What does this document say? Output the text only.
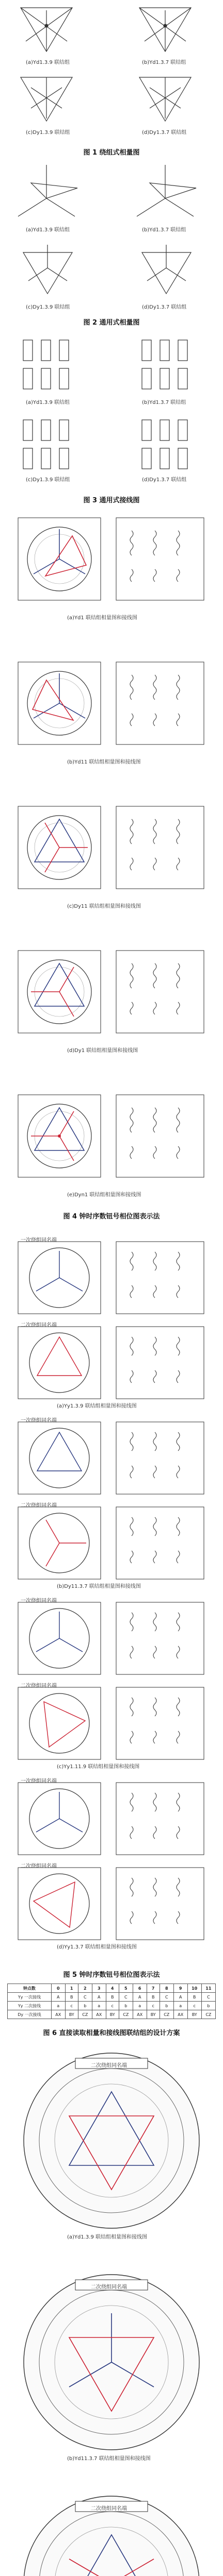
(a)Yd1.3.9 联结组	(b)Yd1.3.7 联结组
(c)Dy1.3.9 联结组	(d)Dy1.3.7 联结组
图 1 绕组式相量图
(a)Yd1.3.9 联结组	(b)Yd1.3.7 联结组
(c)Dy1.3.9 联结组	(d)Dy1.3.7 联结组
图 2 通用式相量图
(a)Yd1.3.9 联结组	(b)Yd1.3.7 联结组
(c)Dy1.3.9 联结组	(d)Dy1.3.7 联结组
图 3 通用式接线图
(a)Yd1 联结组相量图和接线图
(b)Yd11 联结组相量图和接线图
(c)Dy11 联结组相量图和接线图
(d)Dy1 联结组相量图和接线图
(e)Dyn1 联结组相量图和接线图
图 4 钟时序数钮号相位图表示法
一次绕组同名端
二次绕组同名端
(a)Yy1.3.9 联结组相量图和接线图
一次绕组同名端
二次绕组同名端
(b)Dy11.3.7 联结组相量图和接线图
一次绕组同名端
二次绕组同名端
(c)Yy1.11.9 联结组相量图和接线图
一次绕组同名端
二次绕组同名端
(d)Yy1.3.7 联结组相量图和接线图
图 5 钟时序数钮号相位图表示法
钟点数	0	1	2	3	4	5	6	7	8	9	10	11
Yy 一次接线	A	B	C	A	B	C	A	B	C	A	B	C
Yy 二次接线	a	c	b	a	c	b	a	c	b	a	c	b
Dy 一次接线	AX	BY	CZ	AX	BY	CZ	AX	BY	CZ	AX	BY	CZ
图 6 直接读取相量和接线图联结组的设计方案
二次绕组同名端
二次绕组同名端
二次绕组同名端
(a)Yd1.3.9 联结组相量图和接线图
(b)Yd11.3.7 联结组相量图和接线图
